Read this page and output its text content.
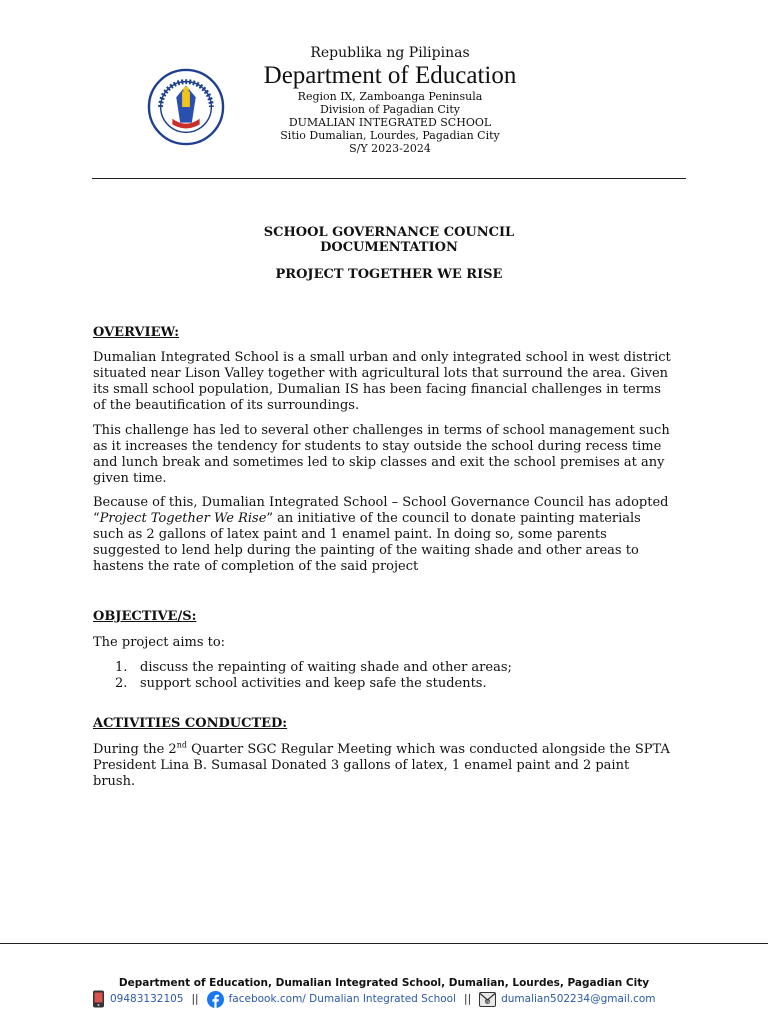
Republika ng Pilipinas
Department of Education
Region IX, Zamboanga Peninsula
Division of Pagadian City
DUMALIAN INTEGRATED SCHOOL
Sitio Dumalian, Lourdes, Pagadian City
S/Y 2023-2024
SCHOOL GOVERNANCE COUNCIL
DOCUMENTATION
PROJECT TOGETHER WE RISE
OVERVIEW:
Dumalian Integrated School is a small urban and only integrated school in west district situated near Lison Valley together with agricultural lots that surround the area. Given its small school population, Dumalian IS has been facing financial challenges in terms of the beautification of its surroundings.
This challenge has led to several other challenges in terms of school management such as it increases the tendency for students to stay outside the school during recess time and lunch break and sometimes led to skip classes and exit the school premises at any given time.
Because of this, Dumalian Integrated School – School Governance Council has adopted “Project Together We Rise” an initiative of the council to donate painting materials such as 2 gallons of latex paint and 1 enamel paint. In doing so, some parents suggested to lend help during the painting of the waiting shade and other areas to hastens the rate of completion of the said project
OBJECTIVE/S:
The project aims to:
1. discuss the repainting of waiting shade and other areas;
2. support school activities and keep safe the students.
ACTIVITIES CONDUCTED:
During the 2nd Quarter SGC Regular Meeting which was conducted alongside the SPTA President Lina B. Sumasal Donated 3 gallons of latex, 1 enamel paint and 2 paint brush.
Department of Education, Dumalian Integrated School, Dumalian, Lourdes, Pagadian City
09483132105 ||	facebook.com/ Dumalian Integrated School ||	@ dumalian502234@gmail.com
